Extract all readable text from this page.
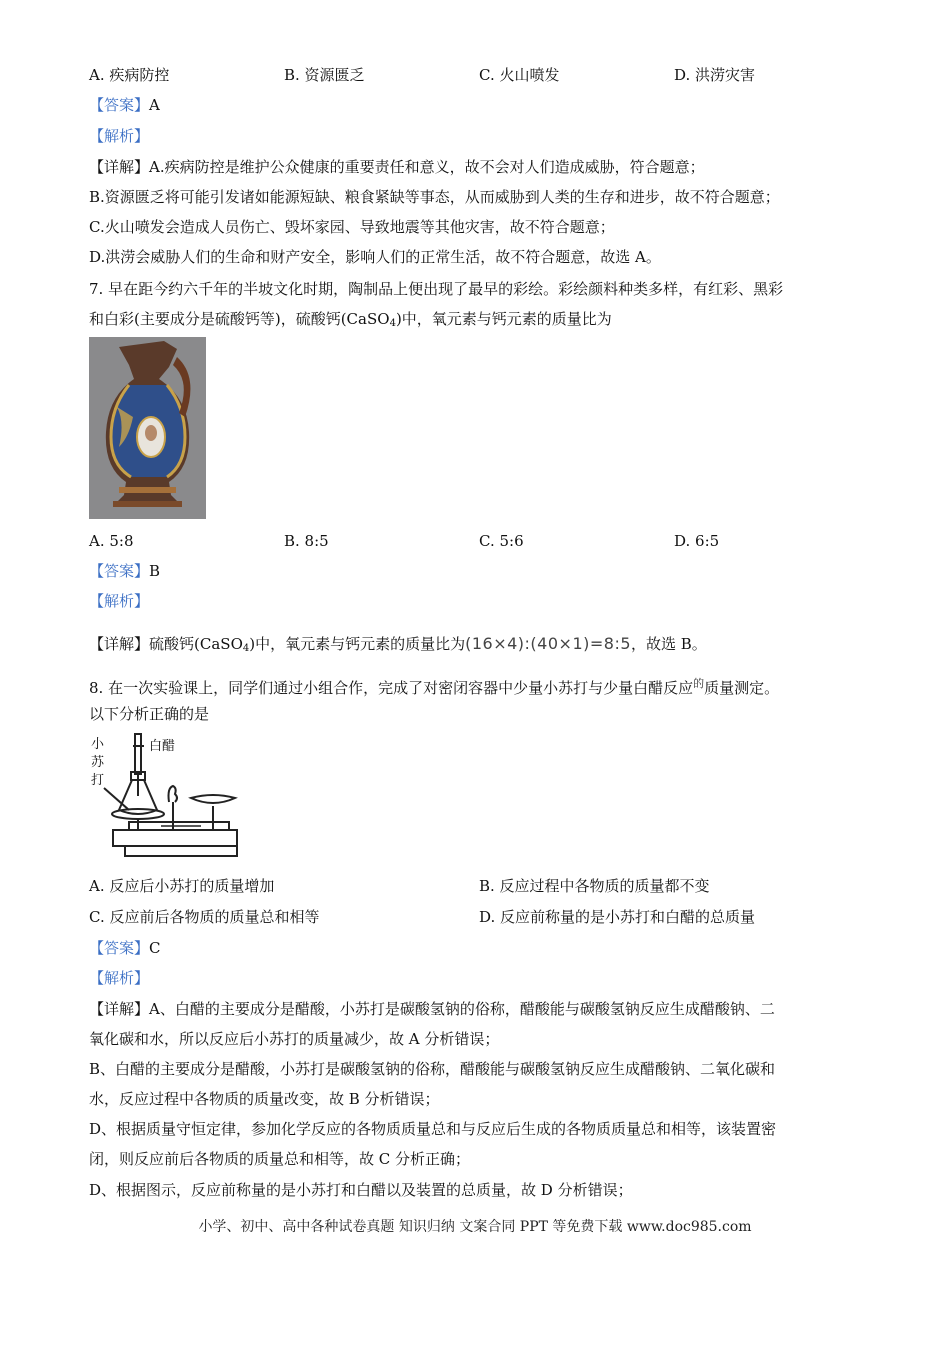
A. 疾病防控	B. 资源匮乏	C. 火山喷发	D. 洪涝灾害
【答案】A
【解析】
【详解】A.疾病防控是维护公众健康的重要责任和意义，故不会对人们造成威胁，符合题意；
B.资源匮乏将可能引发诸如能源短缺、粮食紧缺等事态，从而威胁到人类的生存和进步，故不符合题意；
C.火山喷发会造成人员伤亡、毁坏家园、导致地震等其他灾害，故不符合题意；
D.洪涝会威胁人们的生命和财产安全，影响人们的正常生活，故不符合题意，故选 A。
7. 早在距今约六千年的半坡文化时期，陶制品上便出现了最早的彩绘。彩绘颜料种类多样，有红彩、黑彩
和白彩(主要成分是硫酸钙等)，硫酸钙(CaSO$_4$)中，氧元素与钙元素的质量比为
A. 5:8	B. 8:5	C. 5:6	D. 6:5
【答案】B
【解析】
【详解】硫酸钙(CaSO$_4$)中，氧元素与钙元素的质量比为(16×4):(40×1)=8:5，故选 B。
8. 在一次实验课上，同学们通过小组合作，完成了对密闭容器中少量小苏打与少量白醋反应$^的$质量测定。
以下分析正确的是
小
苏
打
白醋
A. 反应后小苏打的质量增加	B. 反应过程中各物质的质量都不变
C. 反应前后各物质的质量总和相等	D. 反应前称量的是小苏打和白醋的总质量
【答案】C
【解析】
【详解】A、白醋的主要成分是醋酸，小苏打是碳酸氢钠的俗称，醋酸能与碳酸氢钠反应生成醋酸钠、二
氧化碳和水，所以反应后小苏打的质量减少，故 A 分析错误；
B、白醋的主要成分是醋酸，小苏打是碳酸氢钠的俗称，醋酸能与碳酸氢钠反应生成醋酸钠、二氧化碳和
水，反应过程中各物质的质量改变，故 B 分析错误；
D、根据质量守恒定律，参加化学反应的各物质质量总和与反应后生成的各物质质量总和相等，该装置密
闭，则反应前后各物质的质量总和相等，故 C 分析正确；
D、根据图示，反应前称量的是小苏打和白醋以及装置的总质量，故 D 分析错误；
小学、初中、高中各种试卷真题 知识归纳 文案合同 PPT 等免费下载 www.doc985.com
